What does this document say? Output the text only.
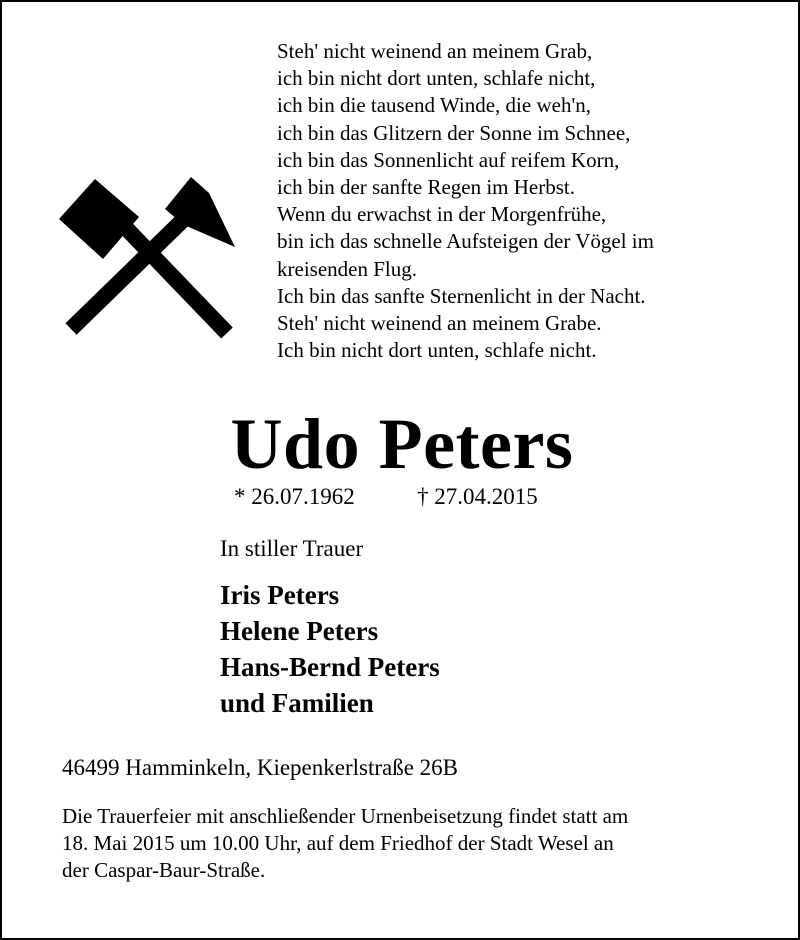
Steh' nicht weinend an meinem Grab,
ich bin nicht dort unten, schlafe nicht,
ich bin die tausend Winde, die weh'n,
ich bin das Glitzern der Sonne im Schnee,
ich bin das Sonnenlicht auf reifem Korn,
ich bin der sanfte Regen im Herbst.
Wenn du erwachst in der Morgenfrühe,
bin ich das schnelle Aufsteigen der Vögel im
kreisenden Flug.
Ich bin das sanfte Sternenlicht in der Nacht.
Steh' nicht weinend an meinem Grabe.
Ich bin nicht dort unten, schlafe nicht.
Udo Peters
* 26.07.1962	† 27.04.2015
In stiller Trauer
Iris Peters
Helene Peters
Hans-Bernd Peters
und Familien
46499 Hamminkeln, Kiepenkerlstraße 26B
Die Trauerfeier mit anschließender Urnenbeisetzung findet statt am
18. Mai 2015 um 10.00 Uhr, auf dem Friedhof der Stadt Wesel an
der Caspar-Baur-Straße.
